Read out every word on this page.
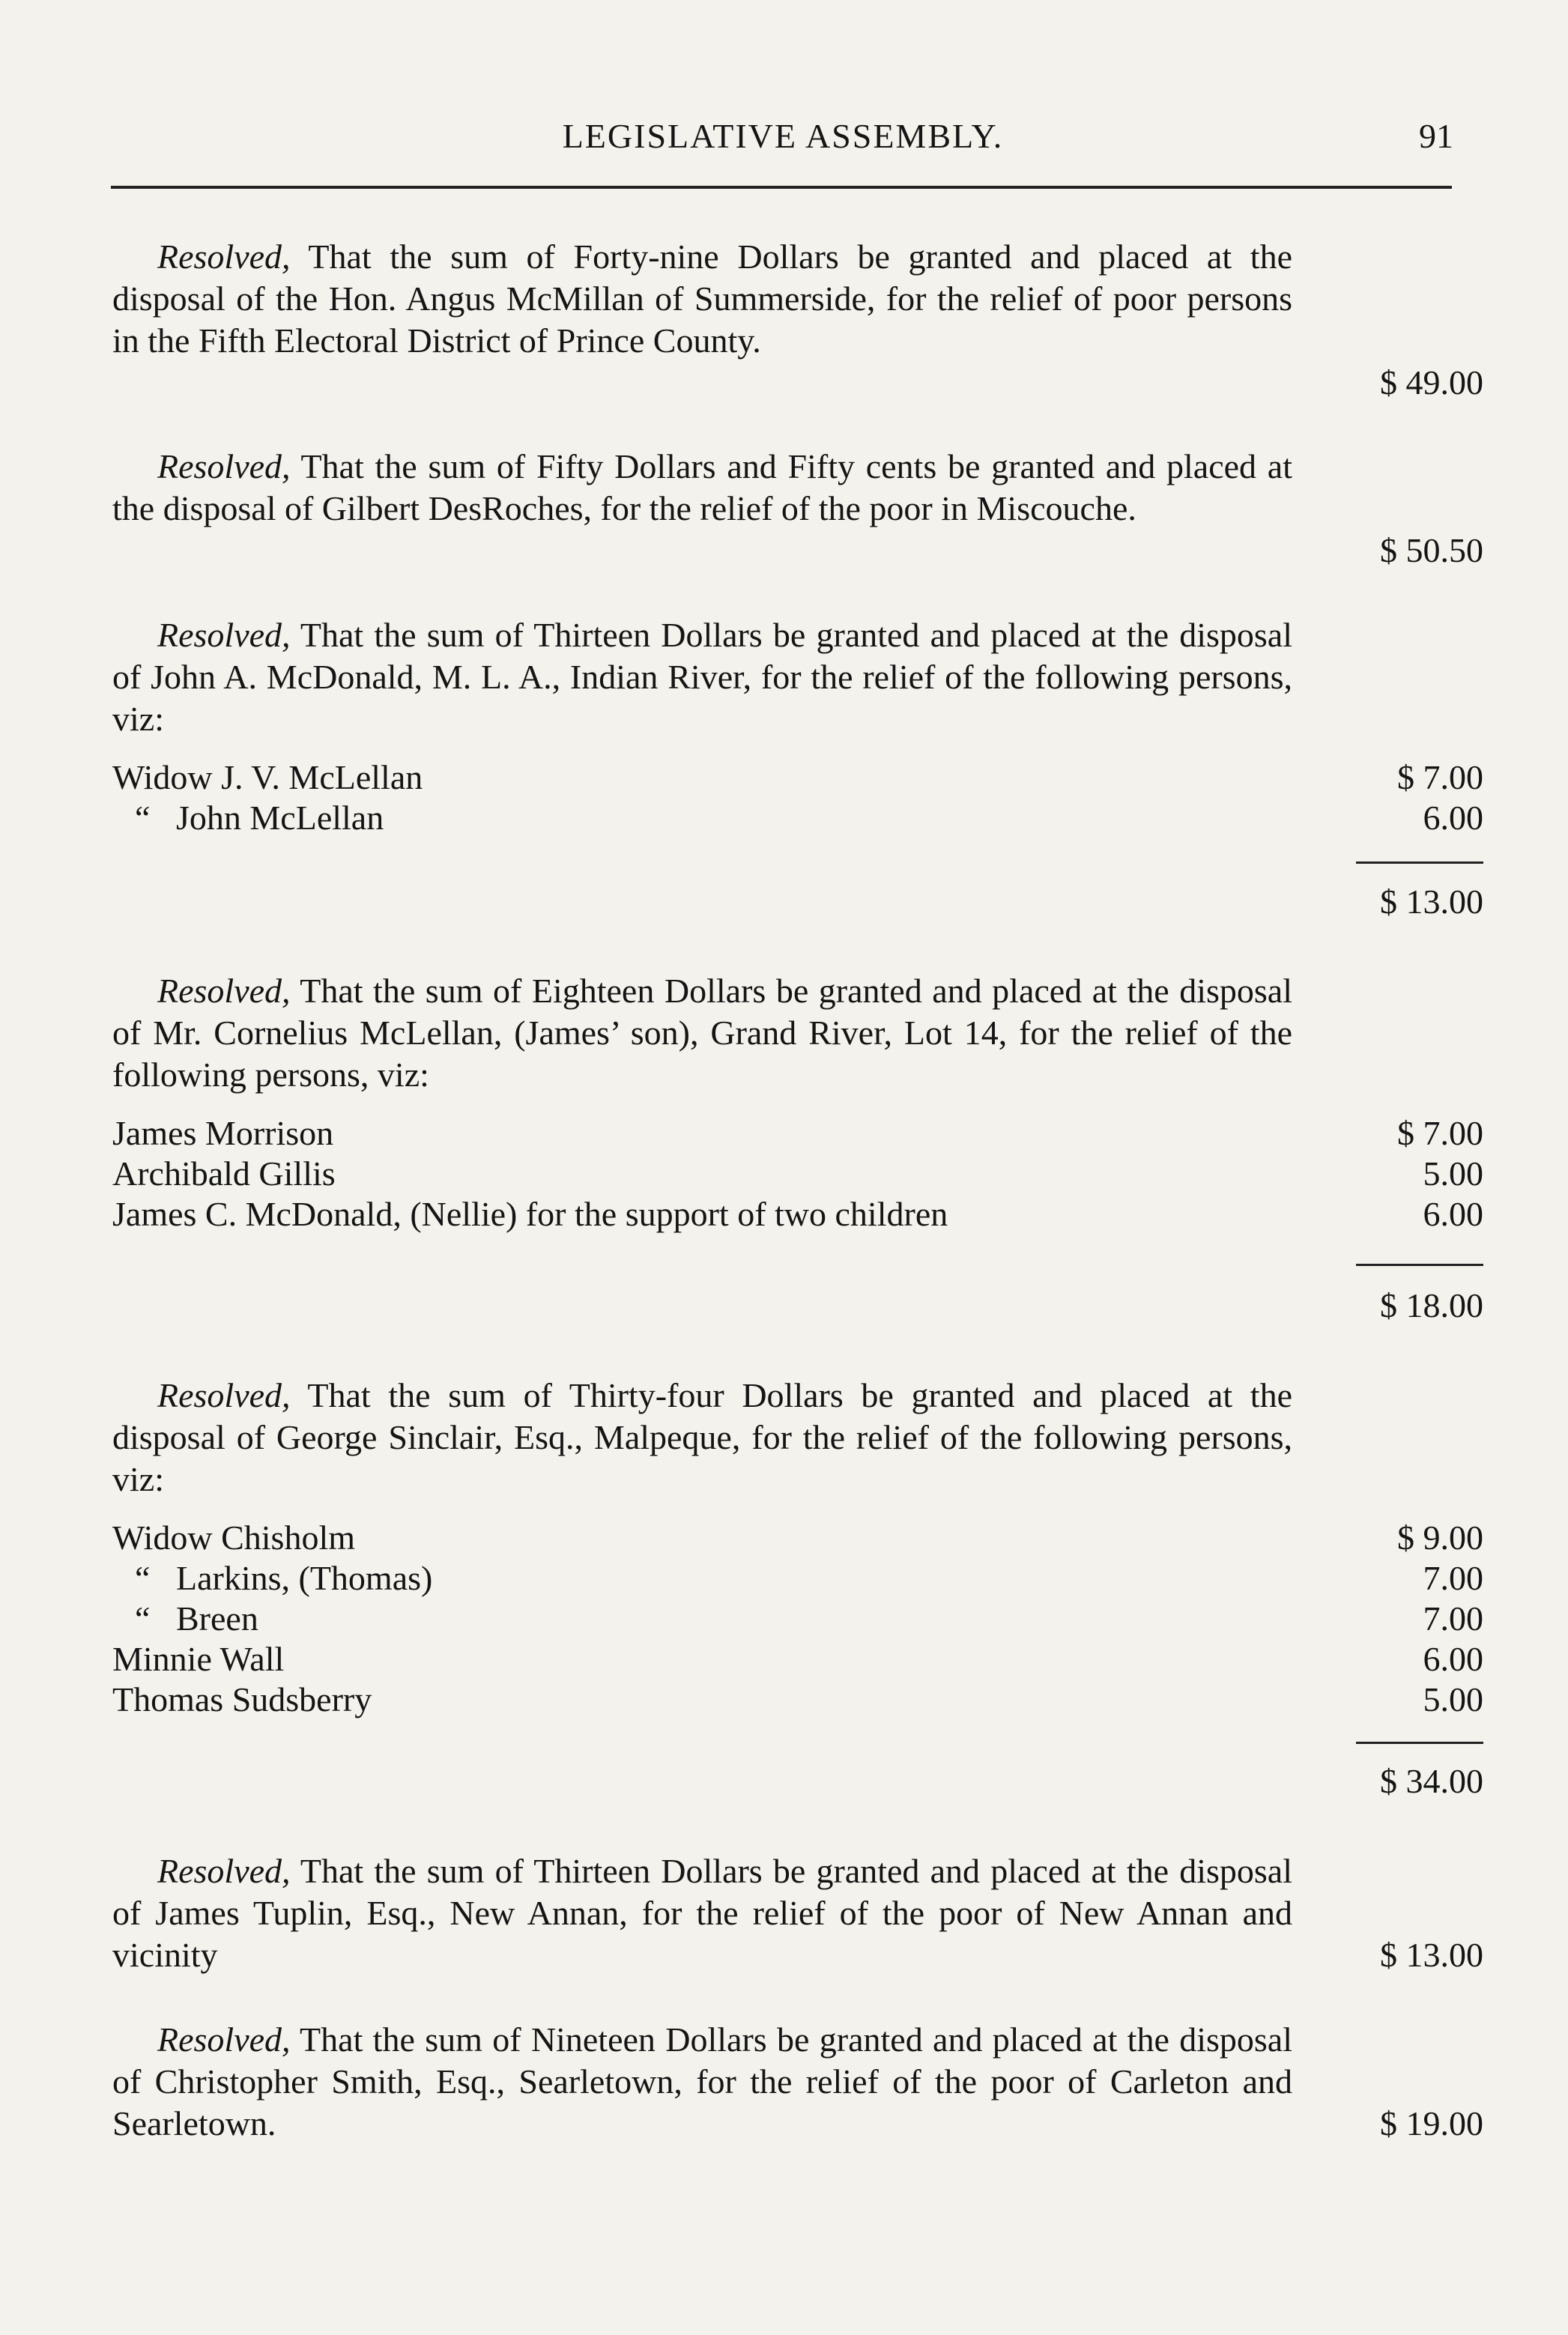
LEGISLATIVE ASSEMBLY.	91

Resolved, That the sum of Forty-nine Dollars be granted and placed at the disposal of the Hon. Angus McMillan of Summerside, for the relief of poor persons in the Fifth Electoral District of Prince County.

$ 49.00

Resolved, That the sum of Fifty Dollars and Fifty cents be granted and placed at the disposal of Gilbert DesRoches, for the relief of the poor in Miscouche.

$ 50.50

Resolved, That the sum of Thirteen Dollars be granted and placed at the disposal of John A. McDonald, M. L. A., Indian River, for the relief of the following persons, viz:

Widow J. V. McLellan	$ 7.00
“ John McLellan	6.00
$ 13.00

Resolved, That the sum of Eighteen Dollars be granted and placed at the disposal of Mr. Cornelius McLellan, (James’ son), Grand River, Lot 14, for the relief of the following persons, viz:

James Morrison	$ 7.00
Archibald Gillis	5.00
James C. McDonald, (Nellie) for the support of two children	6.00
$ 18.00

Resolved, That the sum of Thirty-four Dollars be granted and placed at the disposal of George Sinclair, Esq., Malpeque, for the relief of the following persons, viz:

Widow Chisholm	$ 9.00
“ Larkins, (Thomas)	7.00
“ Breen	7.00
Minnie Wall	6.00
Thomas Sudsberry	5.00
$ 34.00

Resolved, That the sum of Thirteen Dollars be granted and placed at the disposal of James Tuplin, Esq., New Annan, for the relief of the poor of New Annan and vicinity	$ 13.00

Resolved, That the sum of Nineteen Dollars be granted and placed at the disposal of Christopher Smith, Esq., Searletown, for the relief of the poor of Carleton and Searletown.	$ 19.00
